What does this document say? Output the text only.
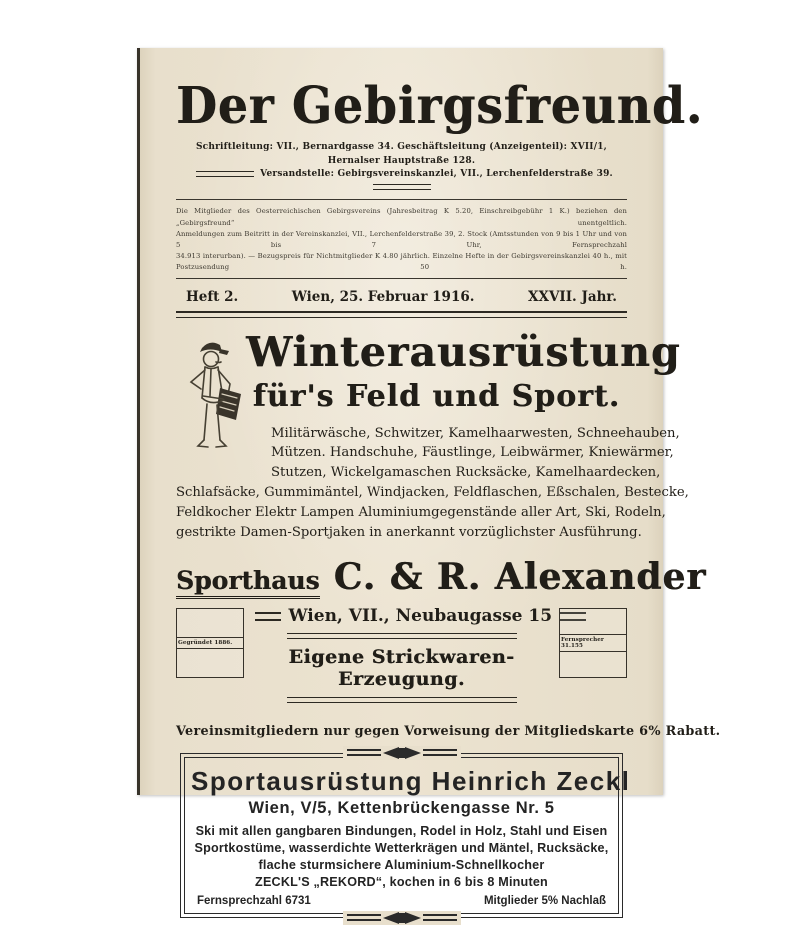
Der Gebirgsfreund.
Schriftleitung: VII., Bernardgasse 34. Geschäftsleitung (Anzeigenteil): XVII/1, Hernalser Hauptstraße 128.
Versandstelle: Gebirgsvereinskanzlei, VII., Lerchenfelderstraße 39.
Die Mitglieder des Oesterreichischen Gebirgsvereins (Jahresbeitrag K 5.20, Einschreibgebühr 1 K.) beziehen den „Gebirgsfreund“ unentgeltlich.
Anmeldungen zum Beitritt in der Vereinskanzlei, VII., Lerchenfelderstraße 39, 2. Stock (Amtsstunden von 9 bis 1 Uhr und von 5 bis 7 Uhr, Fernsprechzahl
34.913 interurban). — Bezugspreis für Nichtmitglieder K 4.80 jährlich. Einzelne Hefte in der Gebirgsvereinskanzlei 40 h., mit Postzusendung 50 h.
Heft 2.	Wien, 25. Februar 1916.	XXVII. Jahr.
Winterausrüstung
für's Feld und Sport.
Militärwäsche, Schwitzer, Kamelhaarwesten, Schneehauben,
Mützen. Handschuhe, Fäustlinge, Leibwärmer, Kniewärmer,
Stutzen, Wickelgamaschen Rucksäcke, Kamelhaardecken,
Schlafsäcke, Gummimäntel, Windjacken, Feldflaschen, Eßschalen, Bestecke,
Feldkocher Elektr Lampen Aluminiumgegenstände aller Art, Ski, Rodeln,
gestrikte Damen-Sportjaken in anerkannt vorzüglichster Ausführung.
Sporthaus C. & R. Alexander
Gegründet 1886.	Fernsprecher 31.155
Wien, VII., Neubaugasse 15
Eigene Strickwaren-Erzeugung.
Vereinsmitgliedern nur gegen Vorweisung der Mitgliedskarte 6% Rabatt.
Sportausrüstung Heinrich Zeckl
Wien, V/5, Kettenbrückengasse Nr. 5
Ski mit allen gangbaren Bindungen, Rodel in Holz, Stahl und Eisen
Sportkostüme, wasserdichte Wetterkrägen und Mäntel, Rucksäcke,
flache sturmsichere Aluminium-Schnellkocher
ZECKL'S „REKORD“, kochen in 6 bis 8 Minuten
Fernsprechzahl 6731	Mitglieder 5% Nachlaß
